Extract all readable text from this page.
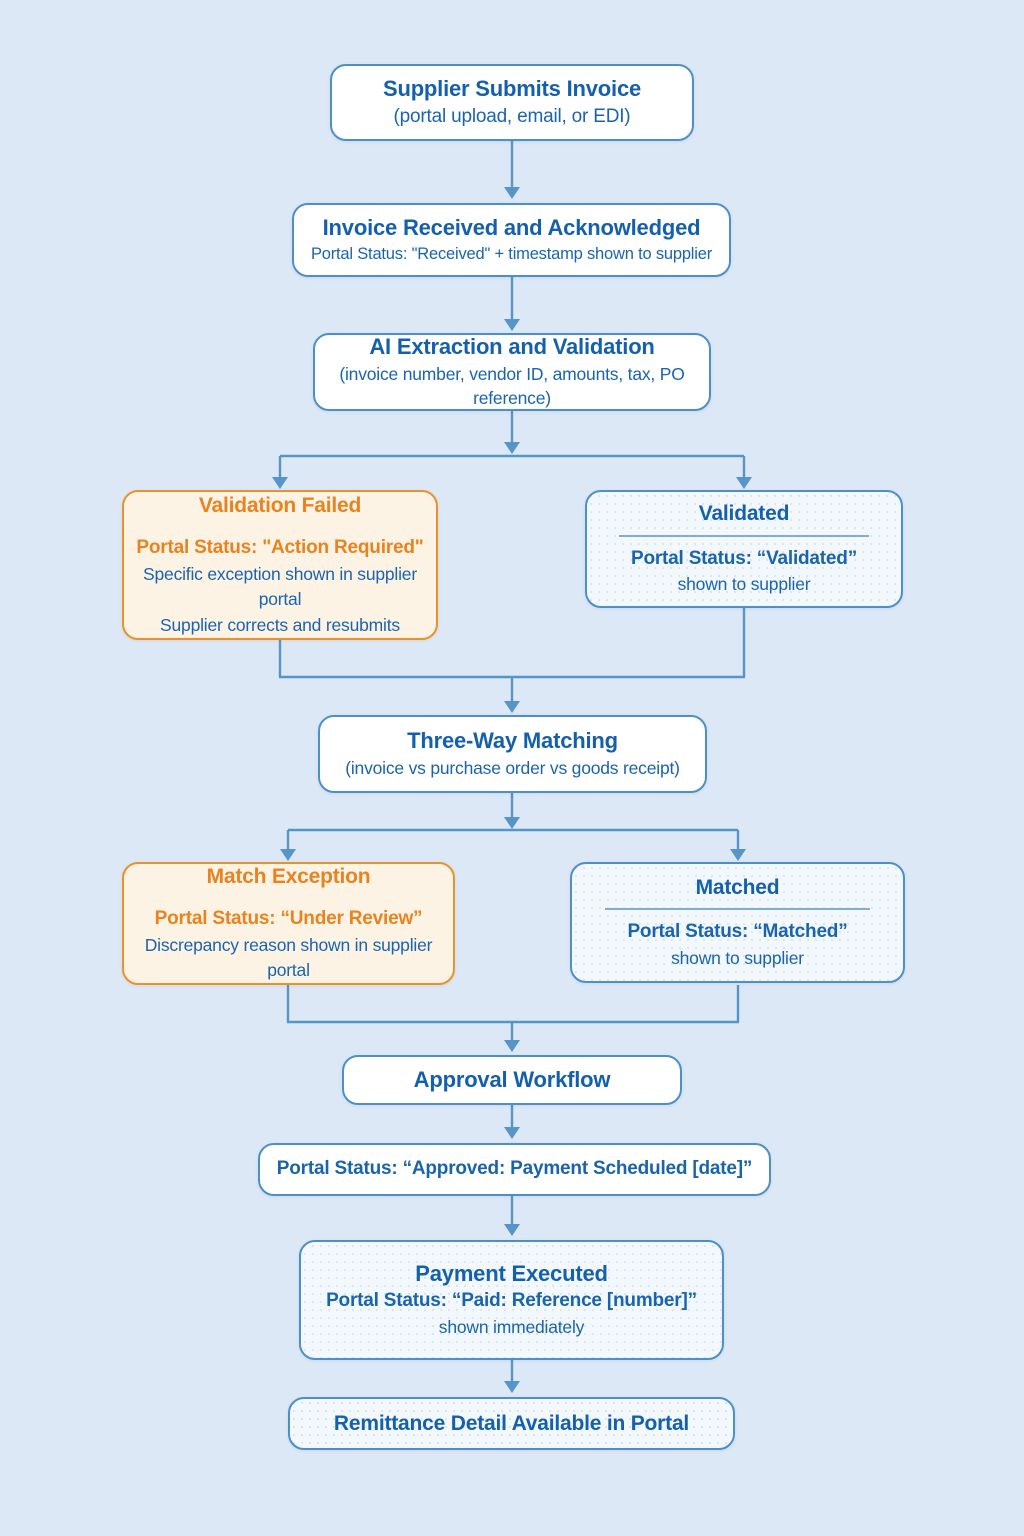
Supplier Submits Invoice
(portal upload, email, or EDI)
Invoice Received and Acknowledged
Portal Status: "Received" + timestamp shown to supplier
AI Extraction and Validation
(invoice number, vendor ID, amounts, tax, PO reference)
Validation Failed
Portal Status: "Action Required"
Specific exception shown in supplier portal
Supplier corrects and resubmits
Validated
Portal Status: “Validated”
shown to supplier
Three-Way Matching
(invoice vs purchase order vs goods receipt)
Match Exception
Portal Status: “Under Review”
Discrepancy reason shown in supplier portal
Matched
Portal Status: “Matched”
shown to supplier
Approval Workflow
Portal Status: “Approved: Payment Scheduled [date]”
Payment Executed
Portal Status: “Paid: Reference [number]”
shown immediately
Remittance Detail Available in Portal
